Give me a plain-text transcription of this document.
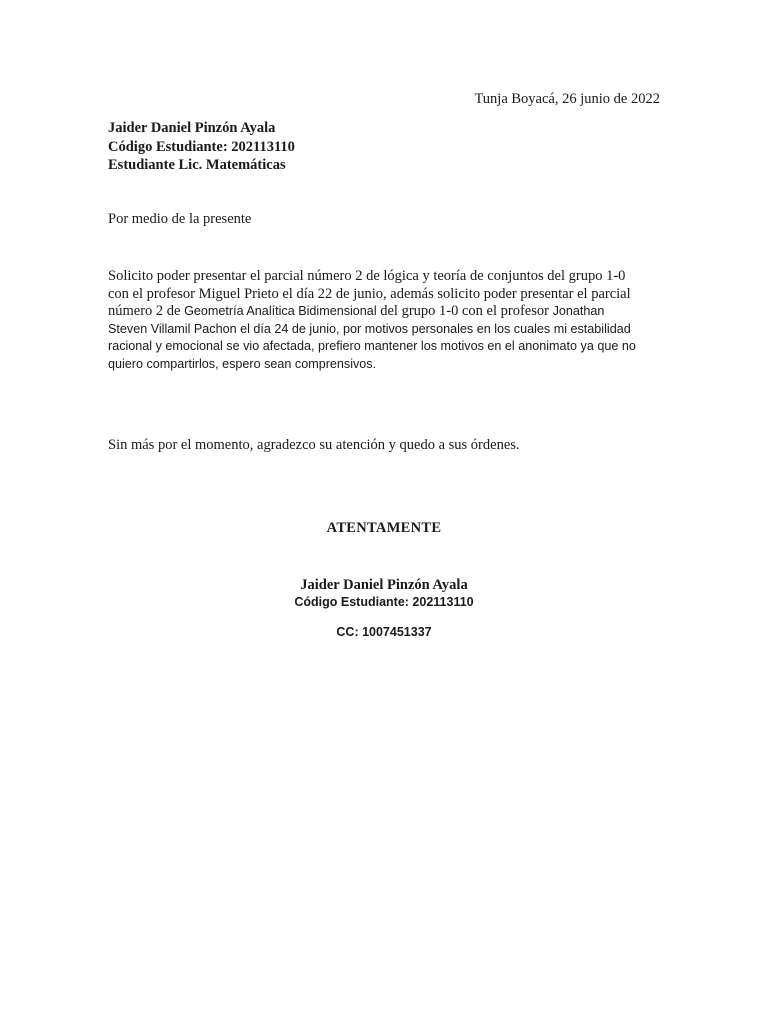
Tunja Boyacá, 26 junio de 2022
Jaider Daniel Pinzón Ayala
Código Estudiante: 202113110
Estudiante Lic. Matemáticas
Por medio de la presente
Solicito poder presentar el parcial número 2 de lógica y teoría de conjuntos del grupo 1-0
con el profesor Miguel Prieto el día 22 de junio, además solicito poder presentar el parcial
número 2 de Geometría Analítica Bidimensional del grupo 1-0 con el profesor Jonathan
Steven Villamil Pachon el día 24 de junio, por motivos personales en los cuales mi estabilidad
racional y emocional se vio afectada, prefiero mantener los motivos en el anonimato ya que no
quiero compartirlos, espero sean comprensivos.
Sin más por el momento, agradezco su atención y quedo a sus órdenes.
ATENTAMENTE
Jaider Daniel Pinzón Ayala
Código Estudiante: 202113110
CC: 1007451337
